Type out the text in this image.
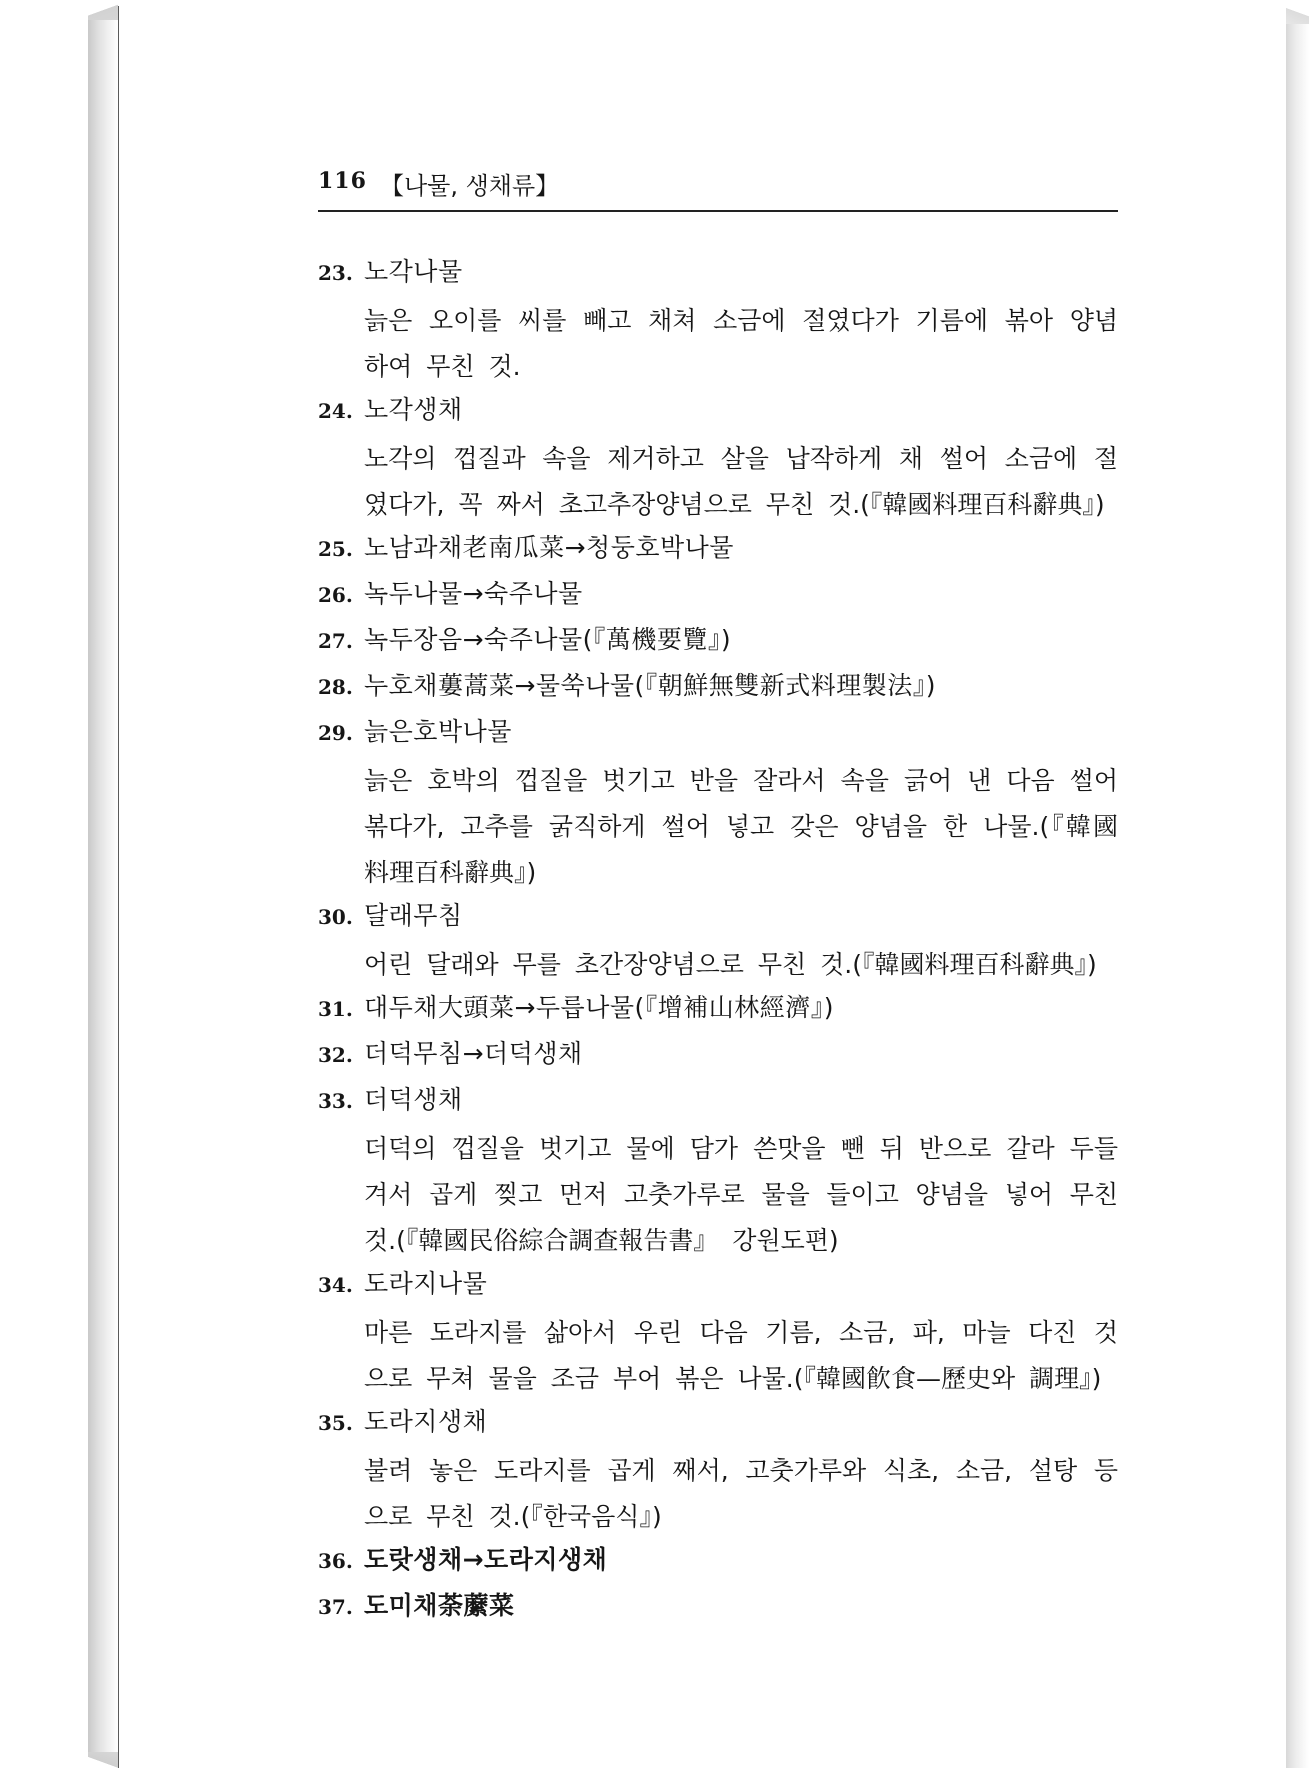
116 【나물, 생채류】
23. 노각나물
늙은 오이를 씨를 빼고 채쳐 소금에 절였다가 기름에 볶아 양념
하여 무친 것.
24. 노각생채
노각의 껍질과 속을 제거하고 살을 납작하게 채 썰어 소금에 절
였다가, 꼭 짜서 초고추장양념으로 무친 것.(『韓國料理百科辭典』)
25. 노남과채老南瓜菜→청둥호박나물
26. 녹두나물→숙주나물
27. 녹두장음→숙주나물(『萬機要覽』)
28. 누호채蔞蒿菜→물쑥나물(『朝鮮無雙新式料理製法』)
29. 늙은호박나물
늙은 호박의 껍질을 벗기고 반을 잘라서 속을 긁어 낸 다음 썰어
볶다가, 고추를 굵직하게 썰어 넣고 갖은 양념을 한 나물.(『韓國
料理百科辭典』)
30. 달래무침
어린 달래와 무를 초간장양념으로 무친 것.(『韓國料理百科辭典』)
31. 대두채大頭菜→두릅나물(『增補山林經濟』)
32. 더덕무침→더덕생채
33. 더덕생채
더덕의 껍질을 벗기고 물에 담가 쓴맛을 뺀 뒤 반으로 갈라 두들
겨서 곱게 찢고 먼저 고춧가루로 물을 들이고 양념을 넣어 무친
것.(『韓國民俗綜合調查報告書』 강원도편)
34. 도라지나물
마른 도라지를 삶아서 우린 다음 기름, 소금, 파, 마늘 다진 것
으로 무쳐 물을 조금 부어 볶은 나물.(『韓國飮食—歷史와 調理』)
35. 도라지생채
불려 놓은 도라지를 곱게 째서, 고춧가루와 식초, 소금, 설탕 등
으로 무친 것.(『한국음식』)
36. 도랏생채→도라지생채
37. 도미채荼䕷菜
